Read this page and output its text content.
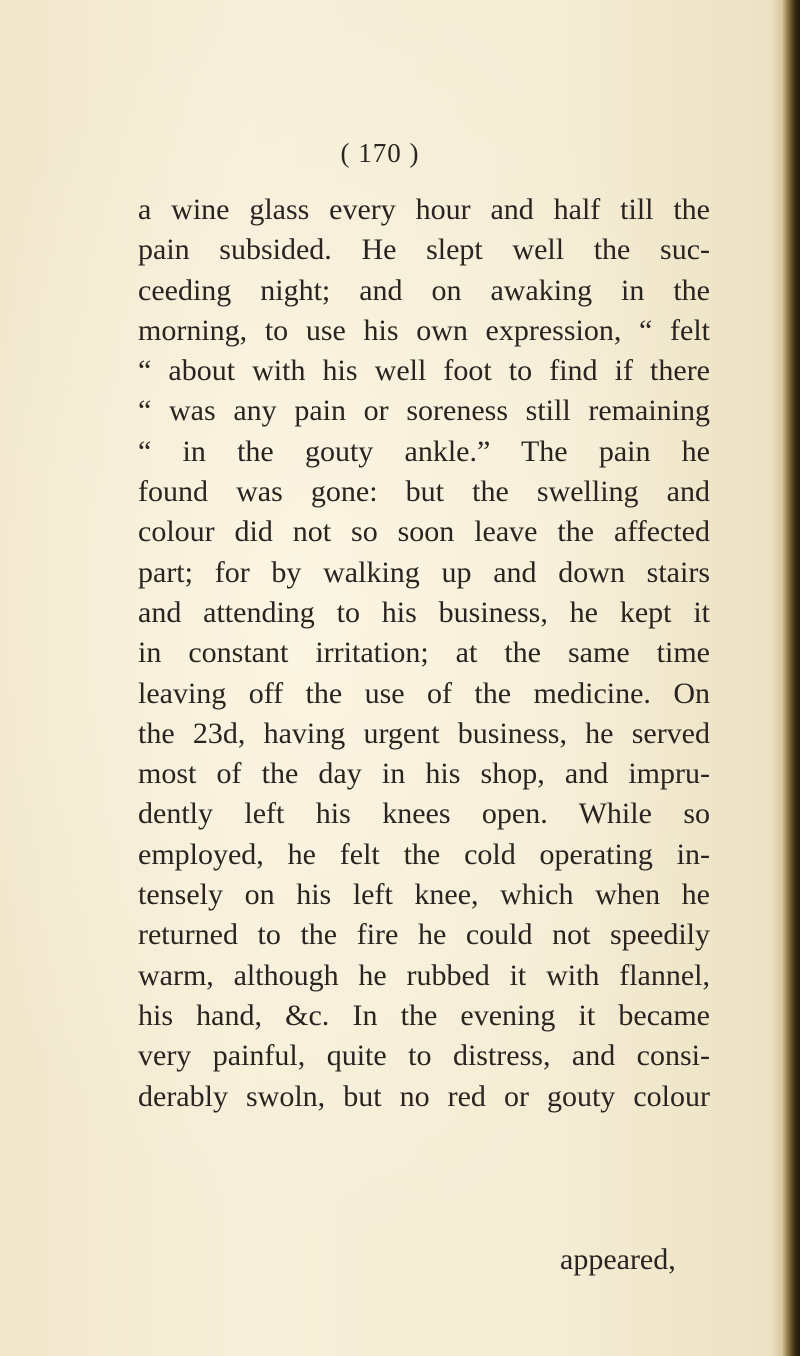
( 170 )
a wine glass every hour and half till the
pain subsided. He slept well the suc-
ceeding night; and on awaking in the
morning, to use his own expression, “ felt
“ about with his well foot to find if there
“ was any pain or soreness still remaining
“ in the gouty ankle.” The pain he
found was gone: but the swelling and
colour did not so soon leave the affected
part; for by walking up and down stairs
and attending to his business, he kept it
in constant irritation; at the same time
leaving off the use of the medicine. On
the 23d, having urgent business, he served
most of the day in his shop, and impru-
dently left his knees open. While so
employed, he felt the cold operating in-
tensely on his left knee, which when he
returned to the fire he could not speedily
warm, although he rubbed it with flannel,
his hand, &c. In the evening it became
very painful, quite to distress, and consi-
derably swoln, but no red or gouty colour
appeared,
